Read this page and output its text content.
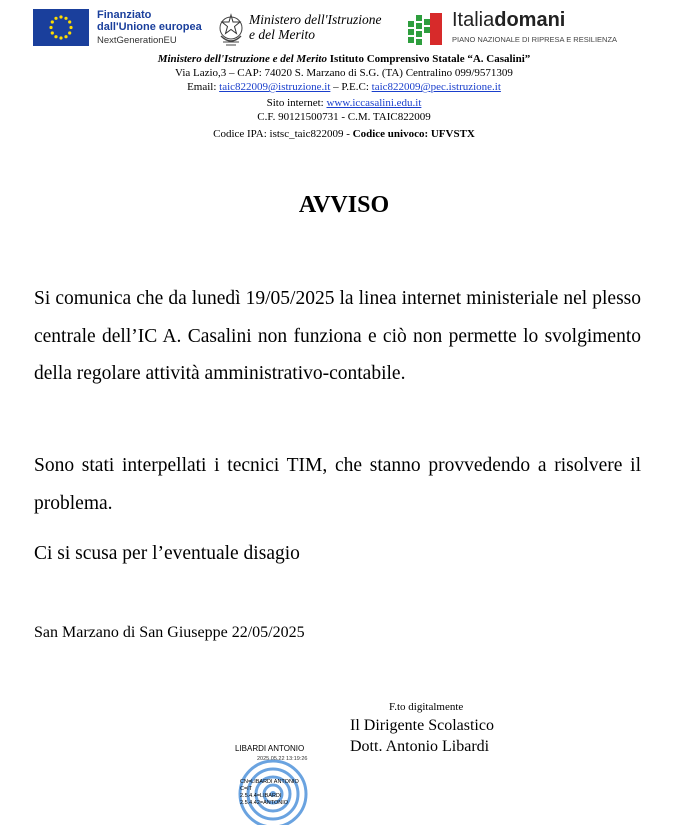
Finanziato
dall'Unione europea
NextGenerationEU
Ministero dell'Istruzione
e del Merito
Italiadomani
PIANO NAZIONALE DI RIPRESA E RESILIENZA
Ministero dell'Istruzione e del Merito Istituto Comprensivo Statale “A. Casalini”
Via Lazio,3 – CAP: 74020 S. Marzano di S.G. (TA) Centralino 099/9571309
Email: taic822009@istruzione.it – P.E.C: taic822009@pec.istruzione.it
Sito internet: www.iccasalini.edu.it
C.F. 90121500731 - C.M. TAIC822009
Codice IPA: istsc_taic822009 - Codice univoco: UFVSTX
AVVISO

Si comunica che da lunedì 19/05/2025 la linea internet ministeriale nel plesso centrale dell’IC A. Casalini non funziona e ciò non permette lo svolgimento della regolare attività amministrativo-contabile.

Sono stati interpellati i tecnici TIM, che stanno provvedendo a risolvere il problema.

Ci si scusa per l’eventuale disagio

San Marzano di San Giuseppe 22/05/2025
F.to digitalmente
Il Dirigente Scolastico
Dott. Antonio Libardi
LIBARDI ANTONIO
2025.05.22 13:19:26
CN=LIBARDI ANTONIO
C=IT
2.5.4.4=LIBARDI
2.5.4.42=ANTONIO
